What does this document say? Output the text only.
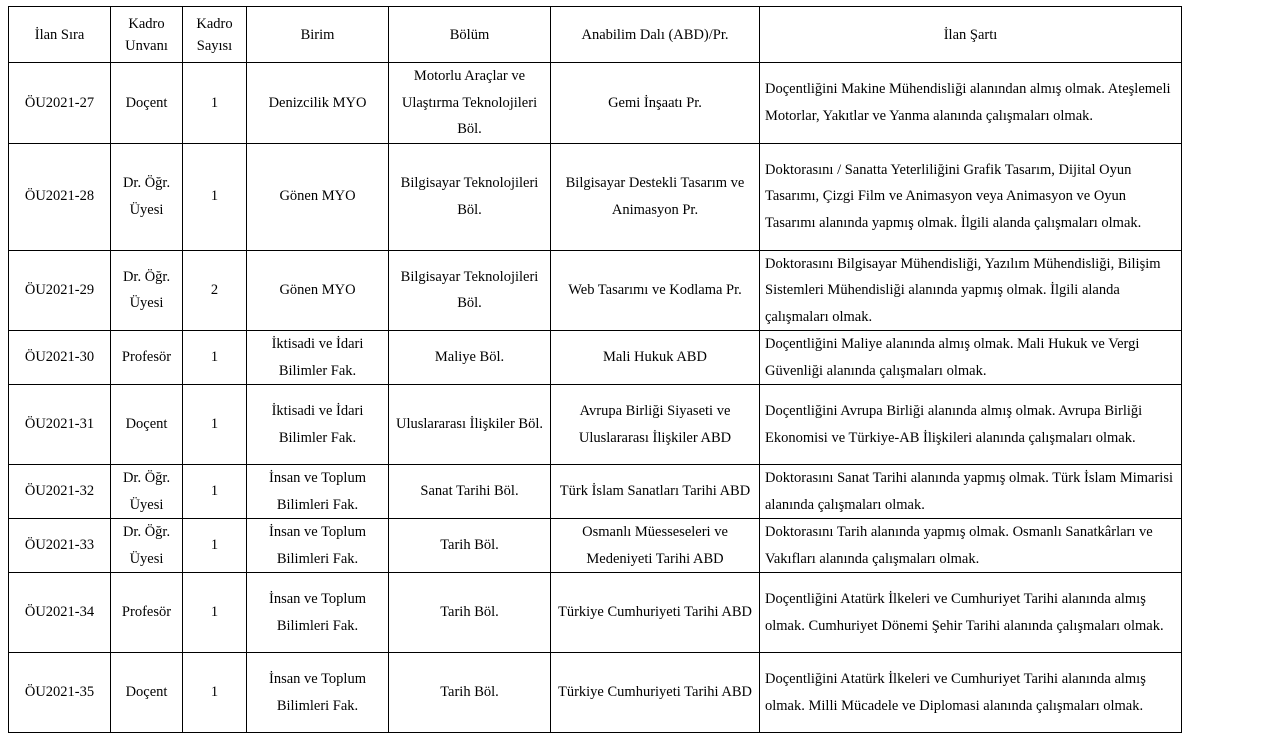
İlan Sıra	Kadro Unvanı	Kadro Sayısı	Birim	Bölüm	Anabilim Dalı (ABD)/Pr.	İlan Şartı
ÖU2021-27	Doçent	1	Denizcilik MYO	Motorlu Araçlar ve Ulaştırma Teknolojileri Böl.	Gemi İnşaatı Pr.	Doçentliğini Makine Mühendisliği alanından almış olmak. Ateşlemeli Motorlar, Yakıtlar ve Yanma alanında çalışmaları olmak.
ÖU2021-28	Dr. Öğr. Üyesi	1	Gönen MYO	Bilgisayar Teknolojileri Böl.	Bilgisayar Destekli Tasarım ve Animasyon Pr.	Doktorasını / Sanatta Yeterliliğini Grafik Tasarım, Dijital Oyun Tasarımı, Çizgi Film ve Animasyon veya Animasyon ve Oyun Tasarımı alanında yapmış olmak. İlgili alanda çalışmaları olmak.
ÖU2021-29	Dr. Öğr. Üyesi	2	Gönen MYO	Bilgisayar Teknolojileri Böl.	Web Tasarımı ve Kodlama Pr.	Doktorasını Bilgisayar Mühendisliği, Yazılım Mühendisliği, Bilişim Sistemleri Mühendisliği alanında yapmış olmak. İlgili alanda çalışmaları olmak.
ÖU2021-30	Profesör	1	İktisadi ve İdari Bilimler Fak.	Maliye Böl.	Mali Hukuk ABD	Doçentliğini Maliye alanında almış olmak. Mali Hukuk ve Vergi Güvenliği alanında çalışmaları olmak.
ÖU2021-31	Doçent	1	İktisadi ve İdari Bilimler Fak.	Uluslararası İlişkiler Böl.	Avrupa Birliği Siyaseti ve Uluslararası İlişkiler ABD	Doçentliğini Avrupa Birliği alanında almış olmak. Avrupa Birliği Ekonomisi ve Türkiye-AB İlişkileri alanında çalışmaları olmak.
ÖU2021-32	Dr. Öğr. Üyesi	1	İnsan ve Toplum Bilimleri Fak.	Sanat Tarihi Böl.	Türk İslam Sanatları Tarihi ABD	Doktorasını Sanat Tarihi alanında yapmış olmak. Türk İslam Mimarisi alanında çalışmaları olmak.
ÖU2021-33	Dr. Öğr. Üyesi	1	İnsan ve Toplum Bilimleri Fak.	Tarih Böl.	Osmanlı Müesseseleri ve Medeniyeti Tarihi ABD	Doktorasını Tarih alanında yapmış olmak. Osmanlı Sanatkârları ve Vakıfları alanında çalışmaları olmak.
ÖU2021-34	Profesör	1	İnsan ve Toplum Bilimleri Fak.	Tarih Böl.	Türkiye Cumhuriyeti Tarihi ABD	Doçentliğini Atatürk İlkeleri ve Cumhuriyet Tarihi alanında almış olmak. Cumhuriyet Dönemi Şehir Tarihi alanında çalışmaları olmak.
ÖU2021-35	Doçent	1	İnsan ve Toplum Bilimleri Fak.	Tarih Böl.	Türkiye Cumhuriyeti Tarihi ABD	Doçentliğini Atatürk İlkeleri ve Cumhuriyet Tarihi alanında almış olmak. Milli Mücadele ve Diplomasi alanında çalışmaları olmak.
